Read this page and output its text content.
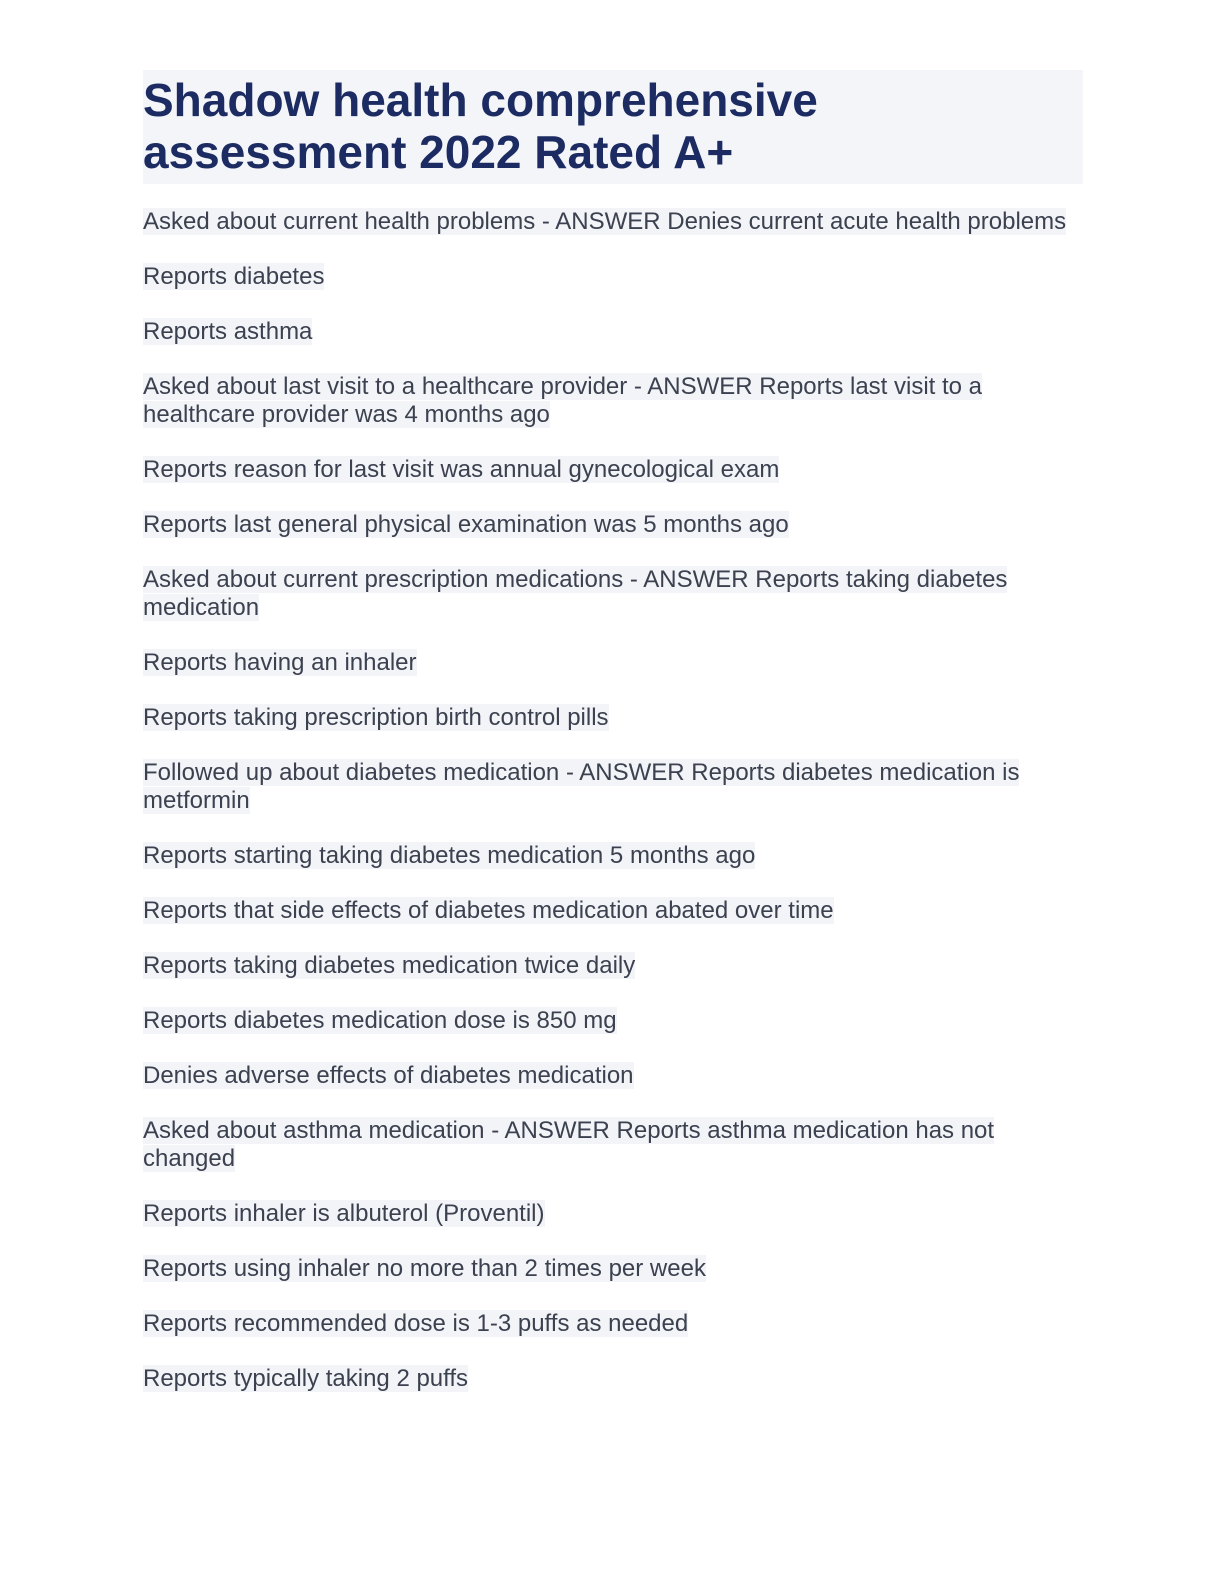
Shadow health comprehensive assessment 2022 Rated A+

Asked about current health problems - ANSWER Denies current acute health problems

Reports diabetes

Reports asthma

Asked about last visit to a healthcare provider - ANSWER Reports last visit to a healthcare provider was 4 months ago

Reports reason for last visit was annual gynecological exam

Reports last general physical examination was 5 months ago

Asked about current prescription medications - ANSWER Reports taking diabetes medication

Reports having an inhaler

Reports taking prescription birth control pills

Followed up about diabetes medication - ANSWER Reports diabetes medication is metformin

Reports starting taking diabetes medication 5 months ago

Reports that side effects of diabetes medication abated over time

Reports taking diabetes medication twice daily

Reports diabetes medication dose is 850 mg

Denies adverse effects of diabetes medication

Asked about asthma medication - ANSWER Reports asthma medication has not changed

Reports inhaler is albuterol (Proventil)

Reports using inhaler no more than 2 times per week

Reports recommended dose is 1-3 puffs as needed

Reports typically taking 2 puffs
